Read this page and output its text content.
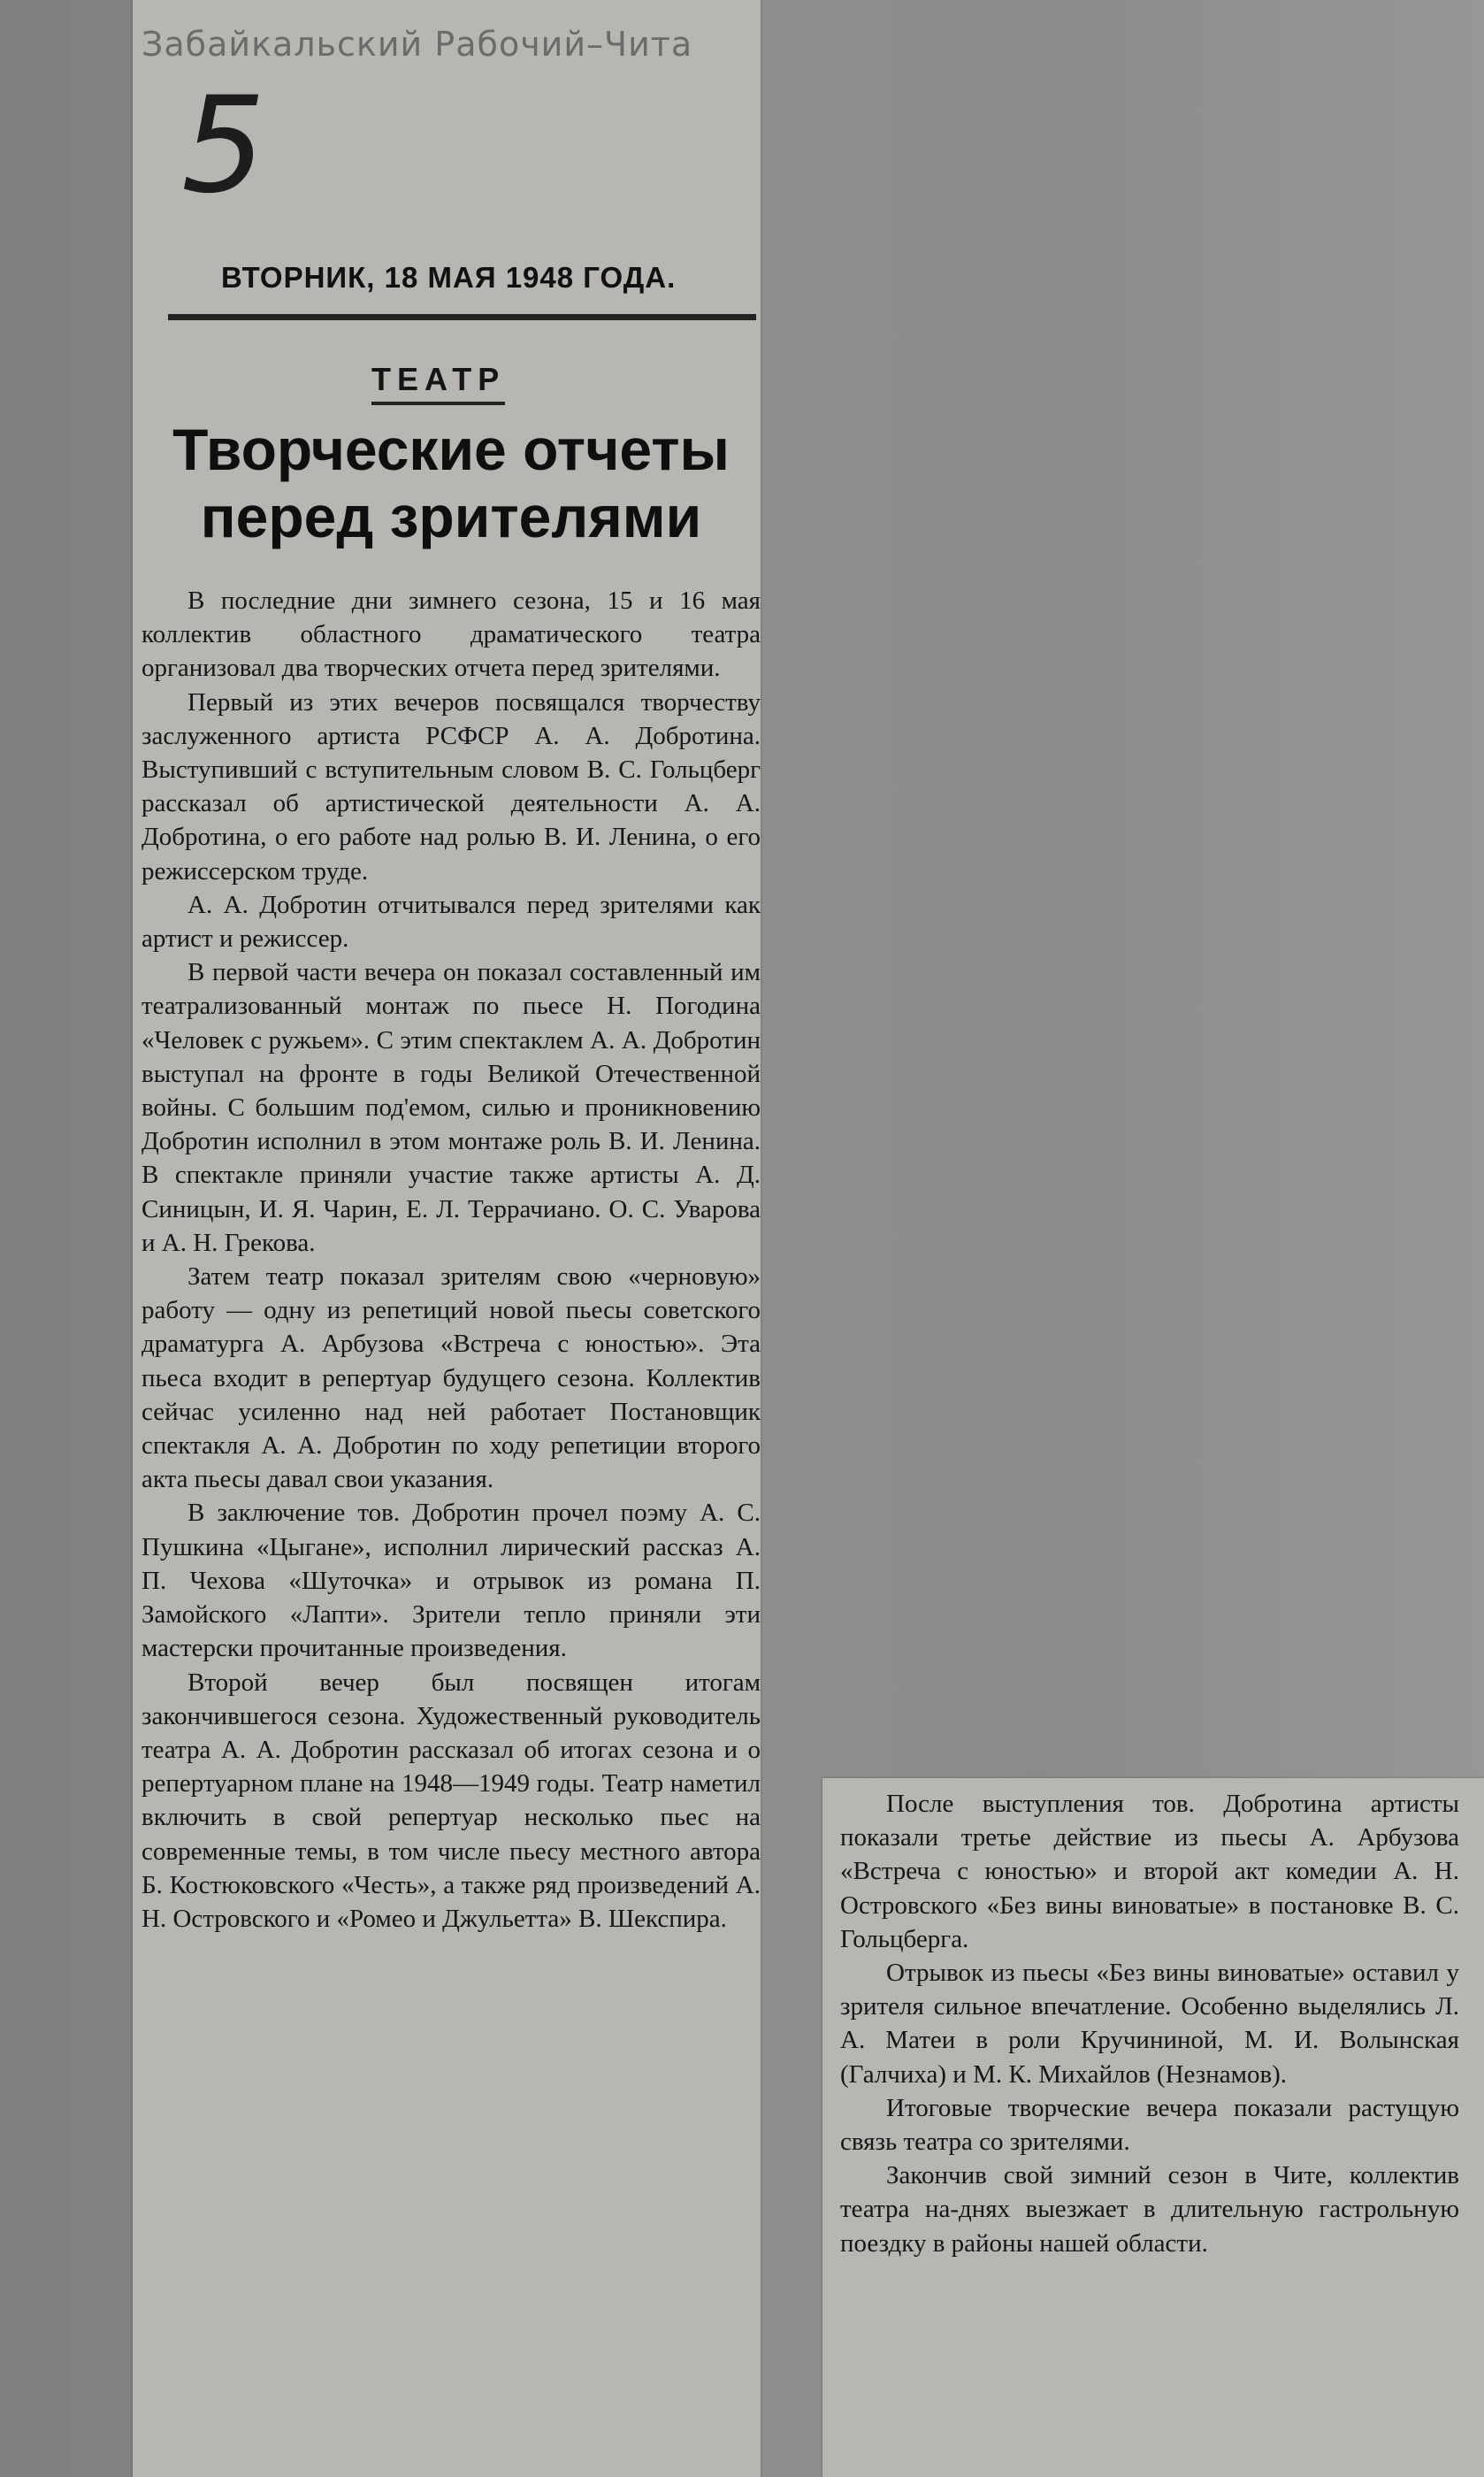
Забайкальский Рабочий–Чита
5
ВТОРНИК, 18 МАЯ 1948 ГОДА.
ТЕАТР
Творческие отчеты перед зрителями

В последние дни зимнего сезона, 15 и 16 мая коллектив областного драматического театра организовал два творческих отчета перед зрителями.

Первый из этих вечеров посвящался творчеству заслуженного артиста РСФСР А. А. Добротина. Выступивший с вступительным словом В. С. Гольцберг рассказал об артистической деятельности А. А. Добротина, о его работе над ролью В. И. Ленина, о его режиссерском труде.

А. А. Добротин отчитывался перед зрителями как артист и режиссер.

В первой части вечера он показал составленный им театрализованный монтаж по пьесе Н. Погодина «Человек с ружьем». С этим спектаклем А. А. Добротин выступал на фронте в годы Великой Отечественной войны. С большим под'емом, силью и проникновению Добротин исполнил в этом монтаже роль В. И. Ленина. В спектакле приняли участие также артисты А. Д. Синицын, И. Я. Чарин, Е. Л. Террачиано. О. С. Уварова и А. Н. Грекова.

Затем театр показал зрителям свою «черновую» работу — одну из репетиций новой пьесы советского драматурга А. Арбузова «Встреча с юностью». Эта пьеса входит в репертуар будущего сезона. Коллектив сейчас усиленно над ней работает Постановщик спектакля А. А. Добротин по ходу репетиции второго акта пьесы давал свои указания.

В заключение тов. Добротин прочел поэму А. С. Пушкина «Цыгане», исполнил лирический рассказ А. П. Чехова «Шуточка» и отрывок из романа П. Замойского «Лапти». Зрители тепло приняли эти мастерски прочитанные произведения.

Второй вечер был посвящен итогам закончившегося сезона. Художественный руководитель театра А. А. Добротин рассказал об итогах сезона и о репертуарном плане на 1948—1949 годы. Театр наметил включить в свой репертуар несколько пьес на современные темы, в том числе пьесу местного автора Б. Костюковского «Честь», а также ряд произведений А. Н. Островского и «Ромео и Джульетта» В. Шекспира.

После выступления тов. Добротина артисты показали третье действие из пьесы А. Арбузова «Встреча с юностью» и второй акт комедии А. Н. Островского «Без вины виноватые» в постановке В. С. Гольцберга.

Отрывок из пьесы «Без вины виноватые» оставил у зрителя сильное впечатление. Особенно выделялись Л. А. Матеи в роли Кручининой, М. И. Волынская (Галчиха) и М. К. Михайлов (Незнамов).

Итоговые творческие вечера показали растущую связь театра со зрителями.

Закончив свой зимний сезон в Чите, коллектив театра на-днях выезжает в длительную гастрольную поездку в районы нашей области.
